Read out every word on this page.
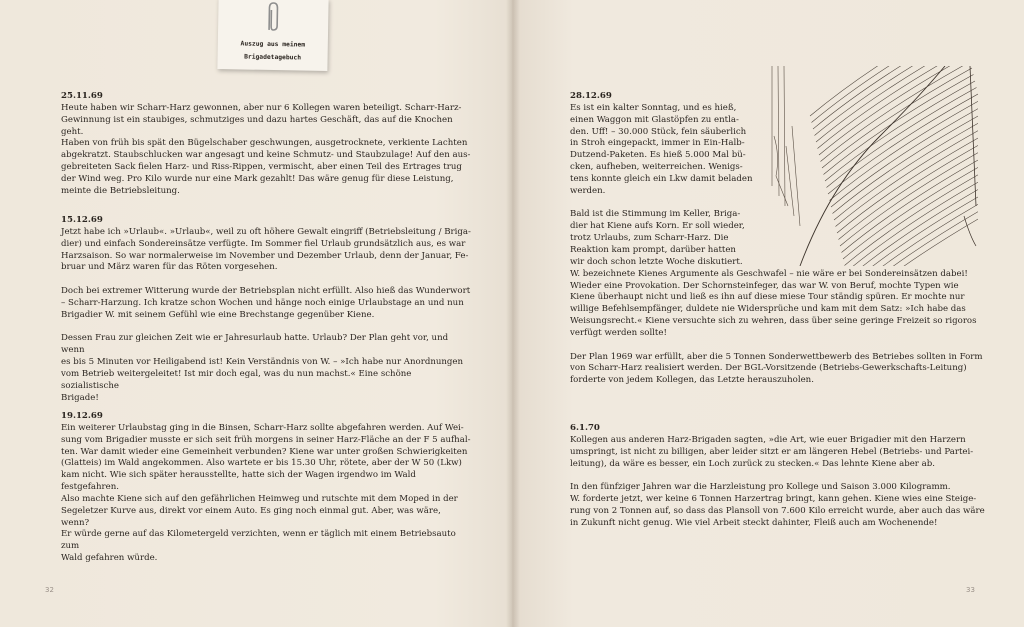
Auszug aus meinem
Brigadetagebuch

25.11.69

Heute haben wir Scharr-Harz gewonnen, aber nur 6 Kollegen waren beteiligt. Scharr-Harz-

Gewinnung ist ein staubiges, schmutziges und dazu hartes Geschäft, das auf die Knochen geht.

Haben von früh bis spät den Bügelschaber geschwungen, ausgetrocknete, verkiente Lachten

abgekratzt. Staubschlucken war angesagt und keine Schmutz- und Staubzulage! Auf den aus-

gebreiteten Sack fielen Harz- und Riss-Rippen, vermischt, aber einen Teil des Ertrages trug

der Wind weg. Pro Kilo wurde nur eine Mark gezahlt! Das wäre genug für diese Leistung,

meinte die Betriebsleitung.

15.12.69

Jetzt habe ich »Urlaub«. »Urlaub«, weil zu oft höhere Gewalt eingriff (Betriebsleitung / Briga-

dier) und einfach Sondereinsätze verfügte. Im Sommer fiel Urlaub grundsätzlich aus, es war

Harzsaison. So war normalerweise im November und Dezember Urlaub, denn der Januar, Fe-

bruar und März waren für das Röten vorgesehen.

Doch bei extremer Witterung wurde der Betriebsplan nicht erfüllt. Also hieß das Wunderwort

– Scharr-Harzung. Ich kratze schon Wochen und hänge noch einige Urlaubstage an und nun

Brigadier W. mit seinem Gefühl wie eine Brechstange gegenüber Kiene.

Dessen Frau zur gleichen Zeit wie er Jahresurlaub hatte. Urlaub? Der Plan geht vor, und wenn

es bis 5 Minuten vor Heiligabend ist! Kein Verständnis von W. – »Ich habe nur Anordnungen

vom Betrieb weitergeleitet! Ist mir doch egal, was du nun machst.« Eine schöne sozialistische

Brigade!

19.12.69

Ein weiterer Urlaubstag ging in die Binsen, Scharr-Harz sollte abgefahren werden. Auf Wei-

sung vom Brigadier musste er sich seit früh morgens in seiner Harz-Fläche an der F 5 aufhal-

ten. War damit wieder eine Gemeinheit verbunden? Kiene war unter großen Schwierigkeiten

(Glatteis) im Wald angekommen. Also wartete er bis 15.30 Uhr, rötete, aber der W 50 (Lkw)

kam nicht. Wie sich später herausstellte, hatte sich der Wagen irgendwo im Wald festgefahren.

Also machte Kiene sich auf den gefährlichen Heimweg und rutschte mit dem Moped in der

Segeletzer Kurve aus, direkt vor einem Auto. Es ging noch einmal gut. Aber, was wäre, wenn?

Er würde gerne auf das Kilometergeld verzichten, wenn er täglich mit einem Betriebsauto zum

Wald gefahren würde.

32

28.12.69

Es ist ein kalter Sonntag, und es hieß,

einen Waggon mit Glastöpfen zu entla-

den. Uff! – 30.000 Stück, fein säuberlich

in Stroh eingepackt, immer in Ein-Halb-

Dutzend-Paketen. Es hieß 5.000 Mal bü-

cken, aufheben, weiterreichen. Wenigs-

tens konnte gleich ein Lkw damit beladen

werden.

Bald ist die Stimmung im Keller, Briga-

dier hat Kiene aufs Korn. Er soll wieder,

trotz Urlaubs, zum Scharr-Harz. Die

Reaktion kam prompt, darüber hatten

wir doch schon letzte Woche diskutiert.

W. bezeichnete Kienes Argumente als Geschwafel – nie wäre er bei Sondereinsätzen dabei!

Wieder eine Provokation. Der Schornsteinfeger, das war W. von Beruf, mochte Typen wie

Kiene überhaupt nicht und ließ es ihn auf diese miese Tour ständig spüren. Er mochte nur

willige Befehlsempfänger, duldete nie Widersprüche und kam mit dem Satz: »Ich habe das

Weisungsrecht.« Kiene versuchte sich zu wehren, dass über seine geringe Freizeit so rigoros

verfügt werden sollte!

Der Plan 1969 war erfüllt, aber die 5 Tonnen Sonderwettbewerb des Betriebes sollten in Form

von Scharr-Harz realisiert werden. Der BGL-Vorsitzende (Betriebs-Gewerkschafts-Leitung)

forderte von jedem Kollegen, das Letzte herauszuholen.

6.1.70

Kollegen aus anderen Harz-Brigaden sagten, »die Art, wie euer Brigadier mit den Harzern

umspringt, ist nicht zu billigen, aber leider sitzt er am längeren Hebel (Betriebs- und Partei-

leitung), da wäre es besser, ein Loch zurück zu stecken.« Das lehnte Kiene aber ab.

In den fünfziger Jahren war die Harzleistung pro Kollege und Saison 3.000 Kilogramm.

W. forderte jetzt, wer keine 6 Tonnen Harzertrag bringt, kann gehen. Kiene wies eine Steige-

rung von 2 Tonnen auf, so dass das Plansoll von 7.600 Kilo erreicht wurde, aber auch das wäre

in Zukunft nicht genug. Wie viel Arbeit steckt dahinter, Fleiß auch am Wochenende!

33
